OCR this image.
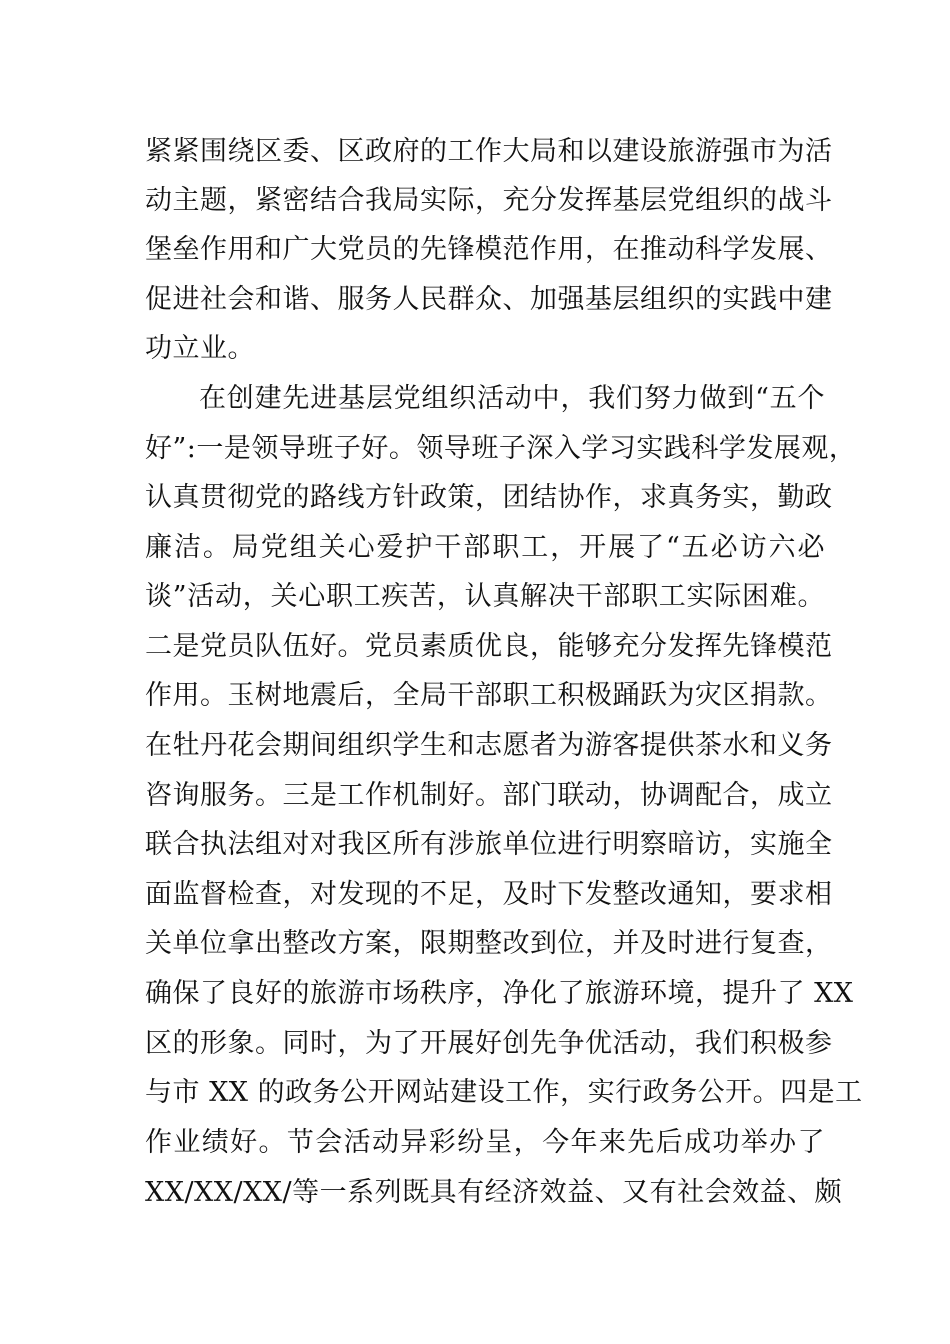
紧紧围绕区委、区政府的工作大局和以建设旅游强市为活
动主题，紧密结合我局实际，充分发挥基层党组织的战斗
堡垒作用和广大党员的先锋模范作用，在推动科学发展、
促进社会和谐、服务人民群众、加强基层组织的实践中建
功立业。
在创建先进基层党组织活动中，我们努力做到“五个
好”:一是领导班子好。领导班子深入学习实践科学发展观，
认真贯彻党的路线方针政策，团结协作，求真务实，勤政
廉洁。局党组关心爱护干部职工，开展了“五必访六必
谈”活动，关心职工疾苦，认真解决干部职工实际困难。
二是党员队伍好。党员素质优良，能够充分发挥先锋模范
作用。玉树地震后，全局干部职工积极踊跃为灾区捐款。
在牡丹花会期间组织学生和志愿者为游客提供茶水和义务
咨询服务。三是工作机制好。部门联动，协调配合，成立
联合执法组对对我区所有涉旅单位进行明察暗访，实施全
面监督检查，对发现的不足，及时下发整改通知，要求相
关单位拿出整改方案，限期整改到位，并及时进行复查，
确保了良好的旅游市场秩序，净化了旅游环境，提升了 XX
区的形象。同时，为了开展好创先争优活动，我们积极参
与市 XX 的政务公开网站建设工作，实行政务公开。四是工
作业绩好。节会活动异彩纷呈，今年来先后成功举办了
XX/XX/XX/等一系列既具有经济效益、又有社会效益、颇
